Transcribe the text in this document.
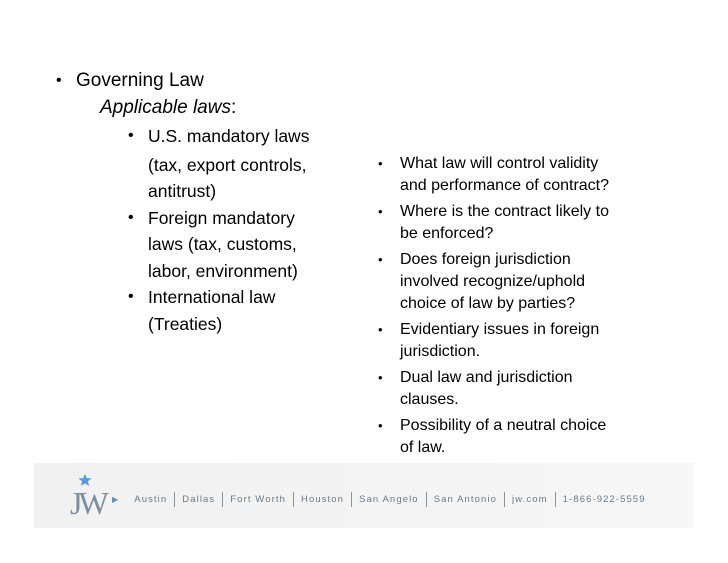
• Governing Law
Applicable laws:
• U.S. mandatory laws
(tax, export controls,
antitrust)
• Foreign mandatory
laws (tax, customs,
labor, environment)
• International law
(Treaties)
• What law will control validity
and performance of contract?
• Where is the contract likely to
be enforced?
• Does foreign jurisdiction
involved recognize/uphold
choice of law by parties?
• Evidentiary issues in foreign
jurisdiction.
• Dual law and jurisdiction
clauses.
• Possibility of a neutral choice
of law.
JW ▶	Austin	Dallas	Fort Worth	Houston	San Angelo	San Antonio	jw.com	1-866-922-5559
